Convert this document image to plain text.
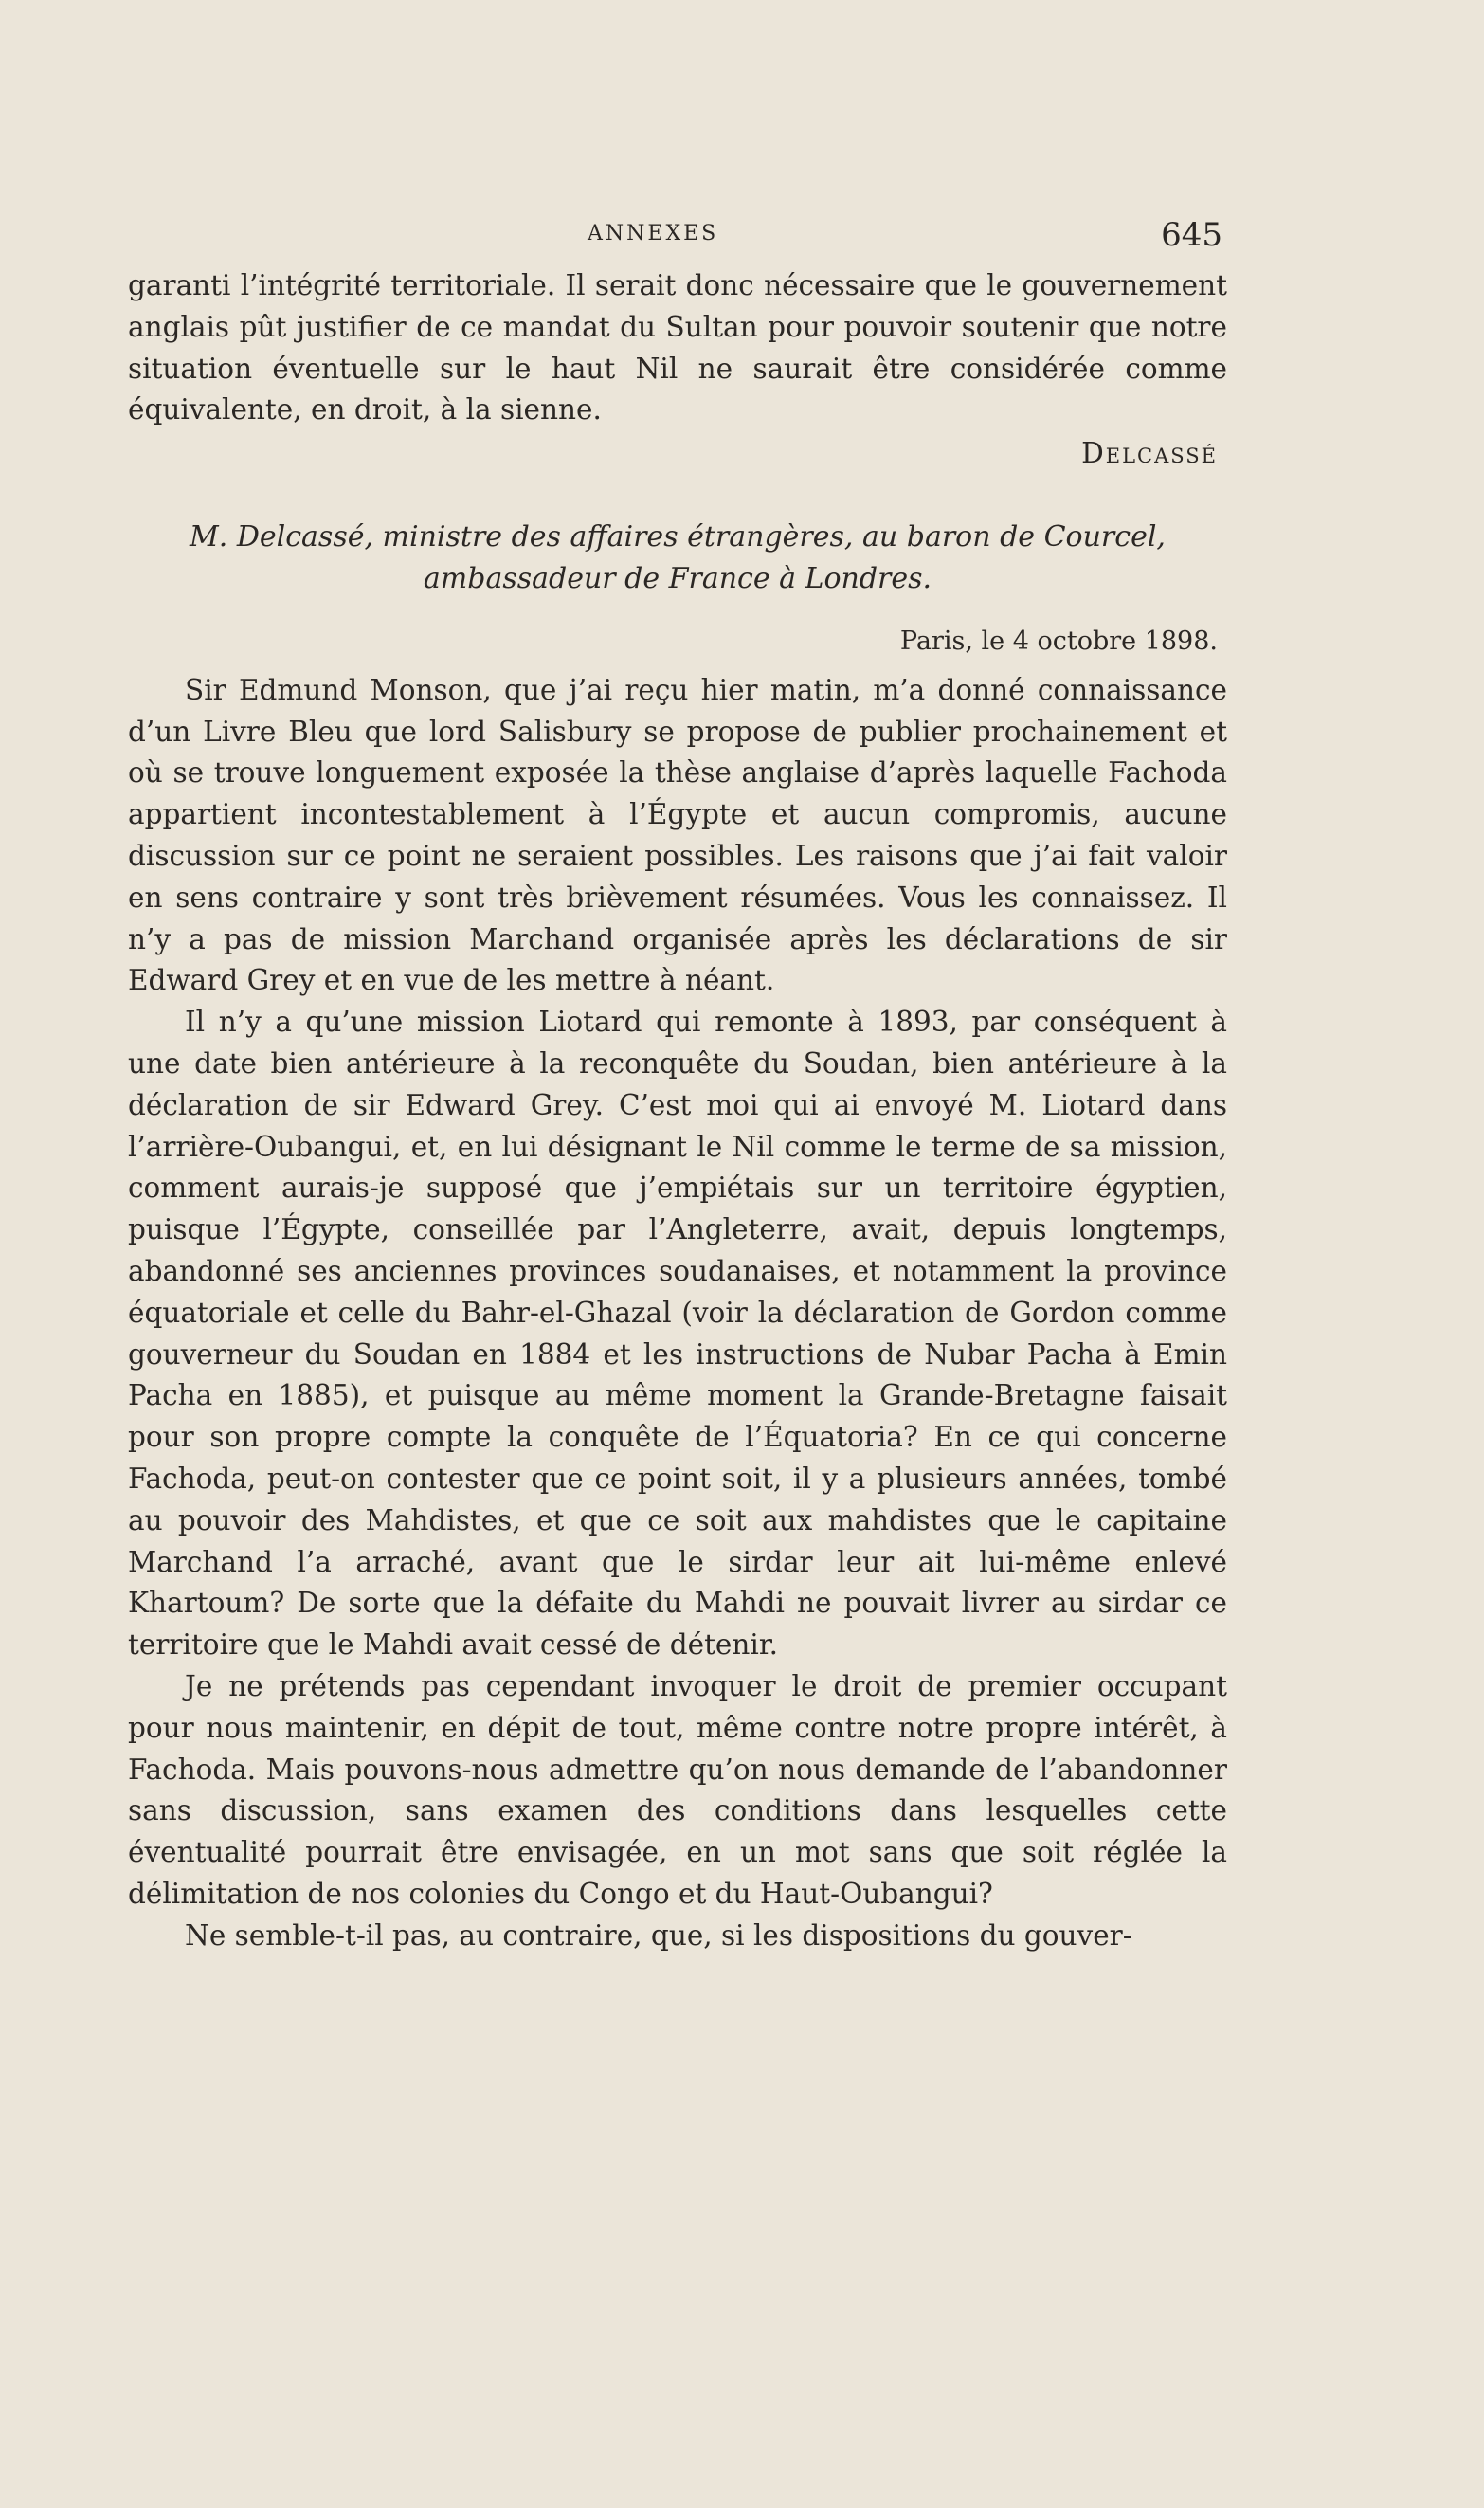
ANNEXES	645

garanti l’intégrité territoriale. Il serait donc nécessaire que le gouvernement anglais pût justifier de ce mandat du Sultan pour pouvoir soutenir que notre situation éventuelle sur le haut Nil ne saurait être considérée comme équivalente, en droit, à la sienne.

Delcassé

M. Delcassé, ministre des affaires étrangères, au baron de Courcel,
ambassadeur de France à Londres.

Paris, le 4 octobre 1898.

Sir Edmund Monson, que j’ai reçu hier matin, m’a donné connaissance d’un Livre Bleu que lord Salisbury se propose de publier prochainement et où se trouve longuement exposée la thèse anglaise d’après laquelle Fachoda appartient incontestablement à l’Égypte et aucun compromis, aucune discussion sur ce point ne seraient possibles. Les raisons que j’ai fait valoir en sens contraire y sont très brièvement résumées. Vous les connaissez. Il n’y a pas de mission Marchand organisée après les déclarations de sir Edward Grey et en vue de les mettre à néant.

Il n’y a qu’une mission Liotard qui remonte à 1893, par conséquent à une date bien antérieure à la reconquête du Soudan, bien antérieure à la déclaration de sir Edward Grey. C’est moi qui ai envoyé M. Liotard dans l’arrière-Oubangui, et, en lui désignant le Nil comme le terme de sa mission, comment aurais-je supposé que j’empiétais sur un territoire égyptien, puisque l’Égypte, conseillée par l’Angleterre, avait, depuis longtemps, abandonné ses anciennes provinces soudanaises, et notamment la province équatoriale et celle du Bahr-el-Ghazal (voir la déclaration de Gordon comme gouverneur du Soudan en 1884 et les instructions de Nubar Pacha à Emin Pacha en 1885), et puisque au même moment la Grande-Bretagne faisait pour son propre compte la conquête de l’Équatoria? En ce qui concerne Fachoda, peut-on contester que ce point soit, il y a plusieurs années, tombé au pouvoir des Mahdistes, et que ce soit aux mahdistes que le capitaine Marchand l’a arraché, avant que le sirdar leur ait lui-même enlevé Khartoum? De sorte que la défaite du Mahdi ne pouvait livrer au sirdar ce territoire que le Mahdi avait cessé de détenir.

Je ne prétends pas cependant invoquer le droit de premier occupant pour nous maintenir, en dépit de tout, même contre notre propre intérêt, à Fachoda. Mais pouvons-nous admettre qu’on nous demande de l’abandonner sans discussion, sans examen des conditions dans lesquelles cette éventualité pourrait être envisagée, en un mot sans que soit réglée la délimitation de nos colonies du Congo et du Haut-Oubangui?

Ne semble-t-il pas, au contraire, que, si les dispositions du gouver-
